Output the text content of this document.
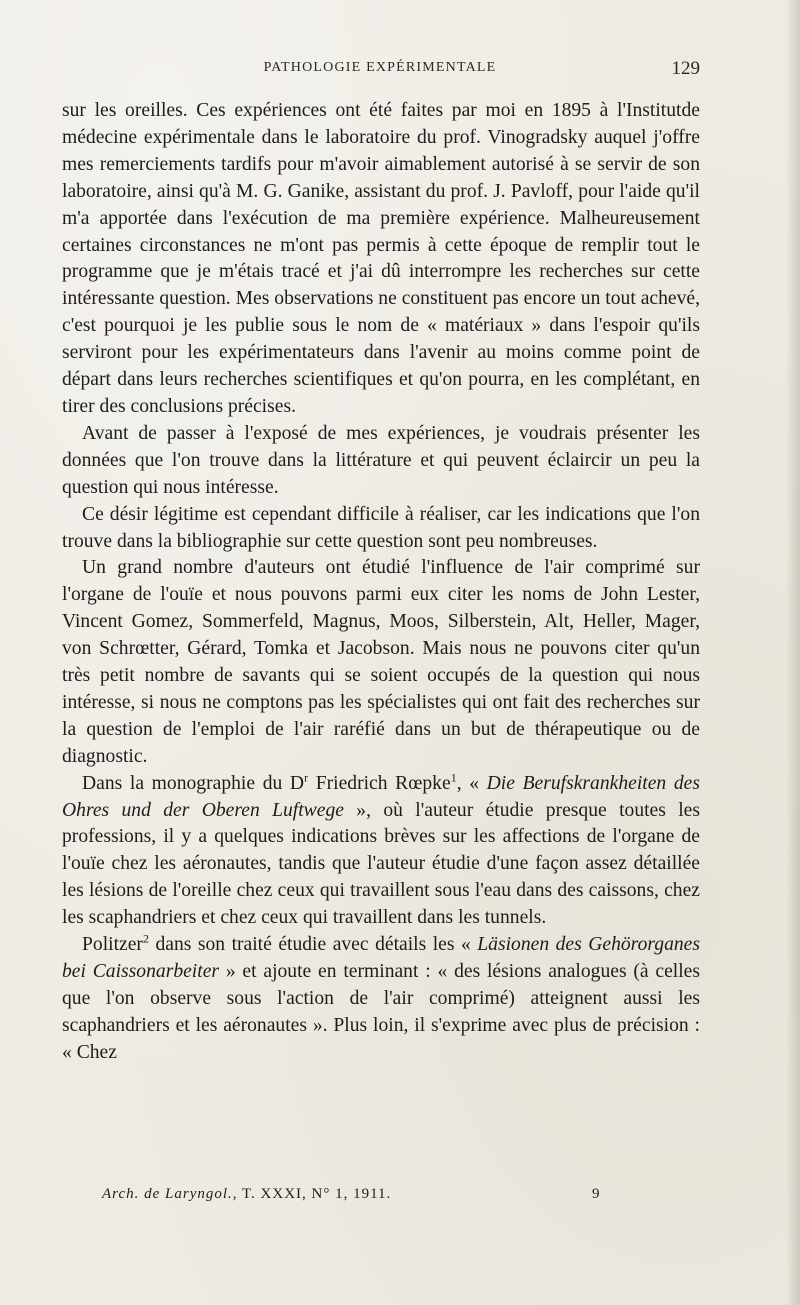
PATHOLOGIE EXPÉRIMENTALE	129

sur les oreilles. Ces expériences ont été faites par moi en 1895 à l'Institutde médecine expérimentale dans le laboratoire du prof. Vinogradsky auquel j'offre mes remerciements tardifs pour m'avoir aimablement autorisé à se servir de son laboratoire, ainsi qu'à M. G. Ganike, assistant du prof. J. Pavloff, pour l'aide qu'il m'a apportée dans l'exécution de ma première expérience. Malheureusement certaines circonstances ne m'ont pas permis à cette époque de remplir tout le programme que je m'étais tracé et j'ai dû interrompre les recherches sur cette intéressante question. Mes observations ne constituent pas encore un tout achevé, c'est pourquoi je les publie sous le nom de « matériaux » dans l'espoir qu'ils serviront pour les expérimentateurs dans l'avenir au moins comme point de départ dans leurs recherches scientifiques et qu'on pourra, en les complétant, en tirer des conclusions précises.

Avant de passer à l'exposé de mes expériences, je voudrais présenter les données que l'on trouve dans la littérature et qui peuvent éclaircir un peu la question qui nous intéresse.

Ce désir légitime est cependant difficile à réaliser, car les indications que l'on trouve dans la bibliographie sur cette question sont peu nombreuses.

Un grand nombre d'auteurs ont étudié l'influence de l'air comprimé sur l'organe de l'ouïe et nous pouvons parmi eux citer les noms de John Lester, Vincent Gomez, Sommerfeld, Magnus, Moos, Silberstein, Alt, Heller, Mager, von Schrœtter, Gérard, Tomka et Jacobson. Mais nous ne pouvons citer qu'un très petit nombre de savants qui se soient occupés de la question qui nous intéresse, si nous ne comptons pas les spécialistes qui ont fait des recherches sur la question de l'emploi de l'air raréfié dans un but de thérapeutique ou de diagnostic.

Dans la monographie du D$^r$ Friedrich Rœpke$^1$, « Die Berufskrankheiten des Ohres und der Oberen Luftwege », où l'auteur étudie presque toutes les professions, il y a quelques indications brèves sur les affections de l'organe de l'ouïe chez les aéronautes, tandis que l'auteur étudie d'une façon assez détaillée les lésions de l'oreille chez ceux qui travaillent sous l'eau dans des caissons, chez les scaphandriers et chez ceux qui travaillent dans les tunnels.

Politzer$^2$ dans son traité étudie avec détails les « Läsionen des Gehörorganes bei Caissonarbeiter » et ajoute en terminant : « des lésions analogues (à celles que l'on observe sous l'action de l'air comprimé) atteignent aussi les scaphandriers et les aéronautes ». Plus loin, il s'exprime avec plus de précision : « Chez

Arch. de Laryngol., T. XXXI, N° 1, 1911.	9
